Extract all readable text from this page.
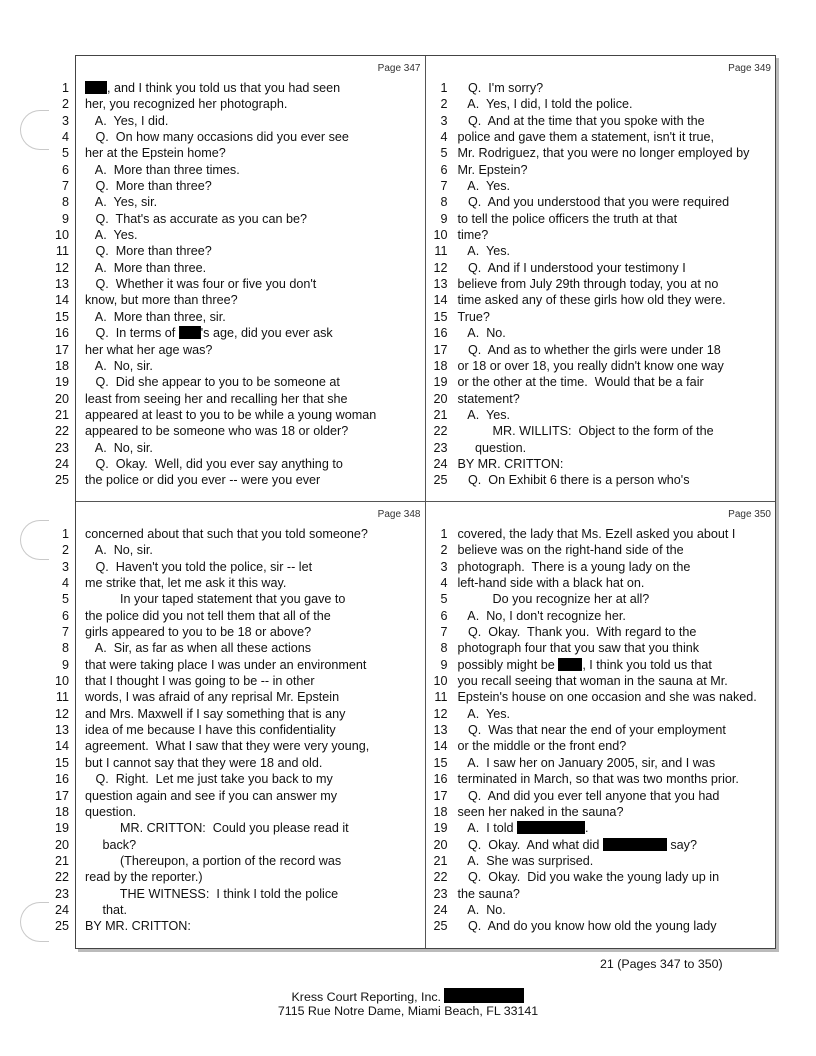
Page 347
1	, and I think you told us that you had seen
2 her, you recognized her photograph.
3 A.  Yes, I did.
4 Q.  On how many occasions did you ever see
5 her at the Epstein home?
6 A.  More than three times.
7 Q.  More than three?
8 A.  Yes, sir.
9 Q.  That's as accurate as you can be?
10 A.  Yes.
11 Q.  More than three?
12 A.  More than three.
13 Q.  Whether it was four or five you don't
14 know, but more than three?
15 A.  More than three, sir.
16 Q.  In terms of 's age, did you ever ask
17 her what her age was?
18 A.  No, sir.
19 Q.  Did she appear to you to be someone at
20 least from seeing her and recalling her that she
21 appeared at least to you to be while a young woman
22 appeared to be someone who was 18 or older?
23 A.  No, sir.
24 Q.  Okay.  Well, did you ever say anything to
25 the police or did you ever -- were you ever
Page 349
1 Q.  I'm sorry?
2 A.  Yes, I did, I told the police.
3 Q.  And at the time that you spoke with the
4 police and gave them a statement, isn't it true,
5 Mr. Rodriguez, that you were no longer employed by
6 Mr. Epstein?
7 A.  Yes.
8 Q.  And you understood that you were required
9 to tell the police officers the truth at that
10 time?
11 A.  Yes.
12 Q.  And if I understood your testimony I
13 believe from July 29th through today, you at no
14 time asked any of these girls how old they were.
15 True?
16 A.  No.
17 Q.  And as to whether the girls were under 18
18 or 18 or over 18, you really didn't know one way
19 or the other at the time.  Would that be a fair
20 statement?
21 A.  Yes.
22 MR. WILLITS:  Object to the form of the
23 question.
24 BY MR. CRITTON:
25 Q.  On Exhibit 6 there is a person who's
Page 348
1 concerned about that such that you told someone?
2 A.  No, sir.
3 Q.  Haven't you told the police, sir -- let
4 me strike that, let me ask it this way.
5 In your taped statement that you gave to
6 the police did you not tell them that all of the
7 girls appeared to you to be 18 or above?
8 A.  Sir, as far as when all these actions
9 that were taking place I was under an environment
10 that I thought I was going to be -- in other
11 words, I was afraid of any reprisal Mr. Epstein
12 and Mrs. Maxwell if I say something that is any
13 idea of me because I have this confidentiality
14 agreement.  What I saw that they were very young,
15 but I cannot say that they were 18 and old.
16 Q.  Right.  Let me just take you back to my
17 question again and see if you can answer my
18 question.
19 MR. CRITTON:  Could you please read it
20 back?
21 (Thereupon, a portion of the record was
22 read by the reporter.)
23 THE WITNESS:  I think I told the police
24 that.
25 BY MR. CRITTON:
Page 350
1 covered, the lady that Ms. Ezell asked you about I
2 believe was on the right-hand side of the
3 photograph.  There is a young lady on the
4 left-hand side with a black hat on.
5 Do you recognize her at all?
6 A.  No, I don't recognize her.
7 Q.  Okay.  Thank you.  With regard to the
8 photograph four that you saw that you think
9 possibly might be , I think you told us that
10 you recall seeing that woman in the sauna at Mr.
11 Epstein's house on one occasion and she was naked.
12 A.  Yes.
13 Q.  Was that near the end of your employment
14 or the middle or the front end?
15 A.  I saw her on January 2005, sir, and I was
16 terminated in March, so that was two months prior.
17 Q.  And did you ever tell anyone that you had
18 seen her naked in the sauna?
19 A.  I told	.
20 Q.  Okay.  And what did	say?
21 A.  She was surprised.
22 Q.  Okay.  Did you wake the young lady up in
23 the sauna?
24 A.  No.
25 Q.  And do you know how old the young lady
21 (Pages 347 to 350)
Kress Court Reporting, Inc.
7115 Rue Notre Dame, Miami Beach, FL 33141
